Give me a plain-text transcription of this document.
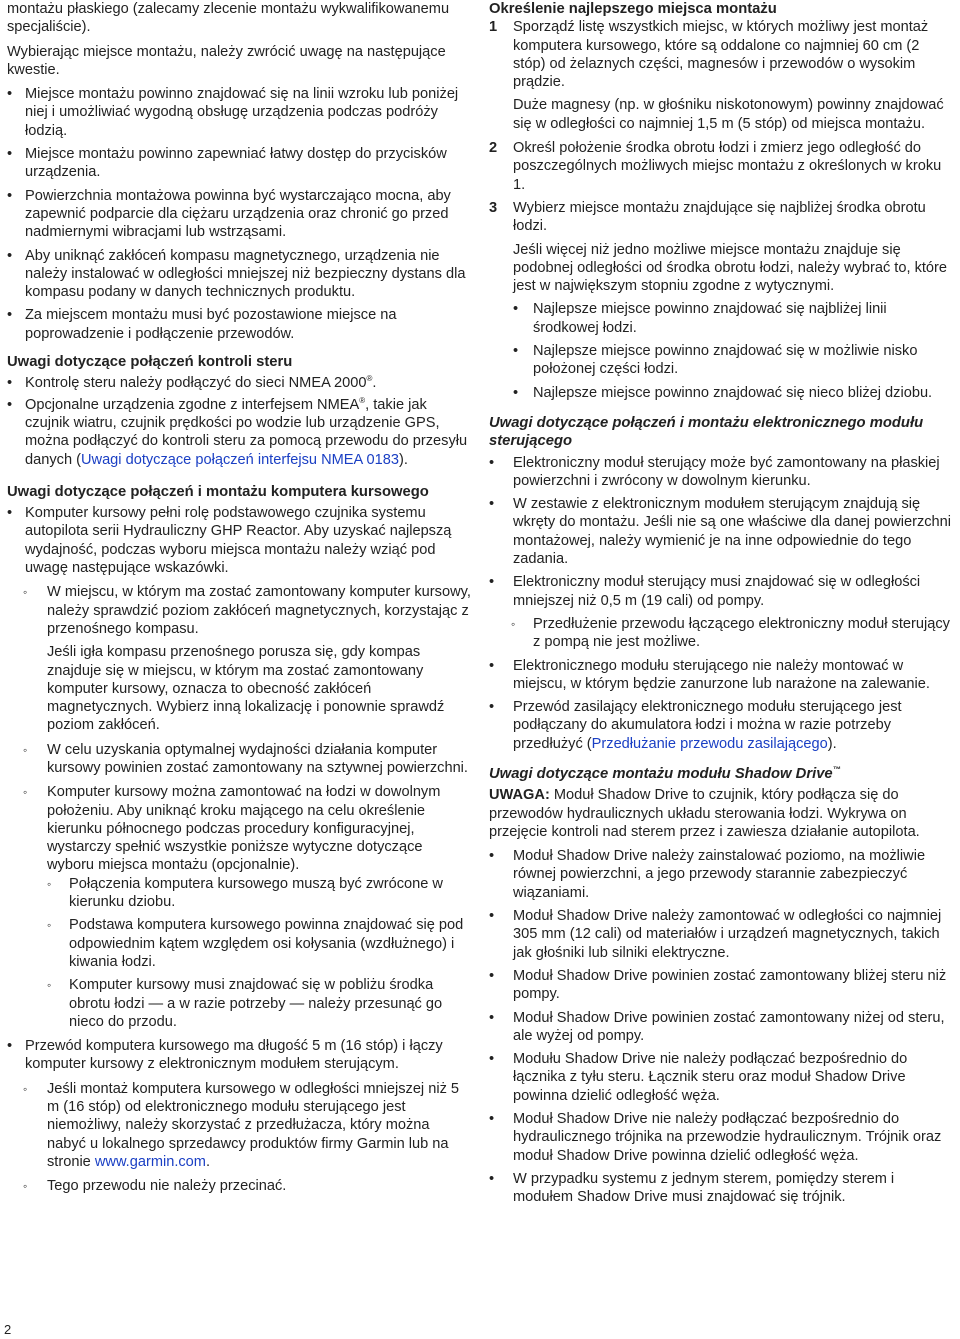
montażu płaskiego (zalecamy zlecenie montażu wykwalifikowanemu specjaliście).

Wybierając miejsce montażu, należy zwrócić uwagę na następujące kwestie.

• Miejsce montażu powinno znajdować się na linii wzroku lub poniżej niej i umożliwiać wygodną obsługę urządzenia podczas podróży łodzią.
• Miejsce montażu powinno zapewniać łatwy dostęp do przycisków urządzenia.
• Powierzchnia montażowa powinna być wystarczająco mocna, aby zapewnić podparcie dla ciężaru urządzenia oraz chronić go przed nadmiernymi wibracjami lub wstrząsami.
• Aby uniknąć zakłóceń kompasu magnetycznego, urządzenia nie należy instalować w odległości mniejszej niż bezpieczny dystans dla kompasu podany w danych technicznych produktu.
• Za miejscem montażu musi być pozostawione miejsce na poprowadzenie i podłączenie przewodów.
Uwagi dotyczące połączeń kontroli steru
• Kontrolę steru należy podłączyć do sieci NMEA 2000®.
• Opcjonalne urządzenia zgodne z interfejsem NMEA®, takie jak czujnik wiatru, czujnik prędkości po wodzie lub urządzenie GPS, można podłączyć do kontroli steru za pomocą przewodu do przesyłu danych (Uwagi dotyczące połączeń interfejsu NMEA 0183).
Uwagi dotyczące połączeń i montażu komputera kursowego
• Komputer kursowy pełni rolę podstawowego czujnika systemu autopilota serii Hydrauliczny GHP Reactor. Aby uzyskać najlepszą wydajność, podczas wyboru miejsca montażu należy wziąć pod uwagę następujące wskazówki.
◦ W miejscu, w którym ma zostać zamontowany komputer kursowy, należy sprawdzić poziom zakłóceń magnetycznych, korzystając z przenośnego kompasu.

Jeśli igła kompasu przenośnego porusza się, gdy kompas znajduje się w miejscu, w którym ma zostać zamontowany komputer kursowy, oznacza to obecność zakłóceń magnetycznych. Wybierz inną lokalizację i ponownie sprawdź poziom zakłóceń.

◦ W celu uzyskania optymalnej wydajności działania komputer kursowy powinien zostać zamontowany na sztywnej powierzchni.
◦ Komputer kursowy można zamontować na łodzi w dowolnym położeniu. Aby uniknąć kroku mającego na celu określenie kierunku północnego podczas procedury konfiguracyjnej, wystarczy spełnić wszystkie poniższe wytyczne dotyczące wyboru miejsca montażu (opcjonalnie).
◦ Połączenia komputera kursowego muszą być zwrócone w kierunku dziobu.
◦ Podstawa komputera kursowego powinna znajdować się pod odpowiednim kątem względem osi kołysania (wzdłużnego) i kiwania łodzi.
◦ Komputer kursowy musi znajdować się w pobliżu środka obrotu łodzi — a w razie potrzeby — należy przesunąć go nieco do przodu.
• Przewód komputera kursowego ma długość 5 m (16 stóp) i łączy komputer kursowy z elektronicznym modułem sterującym.
◦ Jeśli montaż komputera kursowego w odległości mniejszej niż 5 m (16 stóp) od elektronicznego modułu sterującego jest niemożliwy, należy skorzystać z przedłużacza, który można nabyć u lokalnego sprzedawcy produktów firmy Garmin lub na stronie www.garmin.com.
◦ Tego przewodu nie należy przecinać.
Określenie najlepszego miejsca montażu
1 Sporządź listę wszystkich miejsc, w których możliwy jest montaż komputera kursowego, które są oddalone co najmniej 60 cm (2 stóp) od żelaznych części, magnesów i przewodów o wysokim prądzie.

Duże magnesy (np. w głośniku niskotonowym) powinny znajdować się w odległości co najmniej 1,5 m (5 stóp) od miejsca montażu.

2 Określ położenie środka obrotu łodzi i zmierz jego odległość do poszczególnych możliwych miejsc montażu z określonych w kroku 1.
3 Wybierz miejsce montażu znajdujące się najbliżej środka obrotu łodzi.

Jeśli więcej niż jedno możliwe miejsce montażu znajduje się podobnej odległości od środka obrotu łodzi, należy wybrać to, które jest w największym stopniu zgodne z wytycznymi.

• Najlepsze miejsce powinno znajdować się najbliżej linii środkowej łodzi.
• Najlepsze miejsce powinno znajdować się w możliwie nisko położonej części łodzi.
• Najlepsze miejsce powinno znajdować się nieco bliżej dziobu.
Uwagi dotyczące połączeń i montażu elektronicznego modułu sterującego
• Elektroniczny moduł sterujący może być zamontowany na płaskiej powierzchni i zwrócony w dowolnym kierunku.
• W zestawie z elektronicznym modułem sterującym znajdują się wkręty do montażu. Jeśli nie są one właściwe dla danej powierzchni montażowej, należy wymienić je na inne odpowiednie do tego zadania.
• Elektroniczny moduł sterujący musi znajdować się w odległości mniejszej niż 0,5 m (19 cali) od pompy.
◦ Przedłużenie przewodu łączącego elektroniczny moduł sterujący z pompą nie jest możliwe.
• Elektronicznego modułu sterującego nie należy montować w miejscu, w którym będzie zanurzone lub narażone na zalewanie.
• Przewód zasilający elektronicznego modułu sterującego jest podłączany do akumulatora łodzi i można w razie potrzeby przedłużyć (Przedłużanie przewodu zasilającego).
Uwagi dotyczące montażu modułu Shadow Drive™

UWAGA: Moduł Shadow Drive to czujnik, który podłącza się do przewodów hydraulicznych układu sterowania łodzi. Wykrywa on przejęcie kontroli nad sterem przez i zawiesza działanie autopilota.

• Moduł Shadow Drive należy zainstalować poziomo, na możliwie równej powierzchni, a jego przewody starannie zabezpieczyć wiązaniami.
• Moduł Shadow Drive należy zamontować w odległości co najmniej 305 mm (12 cali) od materiałów i urządzeń magnetycznych, takich jak głośniki lub silniki elektryczne.
• Moduł Shadow Drive powinien zostać zamontowany bliżej steru niż pompy.
• Moduł Shadow Drive powinien zostać zamontowany niżej od steru, ale wyżej od pompy.
• Modułu Shadow Drive nie należy podłączać bezpośrednio do łącznika z tyłu steru. Łącznik steru oraz moduł Shadow Drive powinna dzielić odległość węża.
• Moduł Shadow Drive nie należy podłączać bezpośrednio do hydraulicznego trójnika na przewodzie hydraulicznym. Trójnik oraz moduł Shadow Drive powinna dzielić odległość węża.
• W przypadku systemu z jednym sterem, pomiędzy sterem i modułem Shadow Drive musi znajdować się trójnik.
2
